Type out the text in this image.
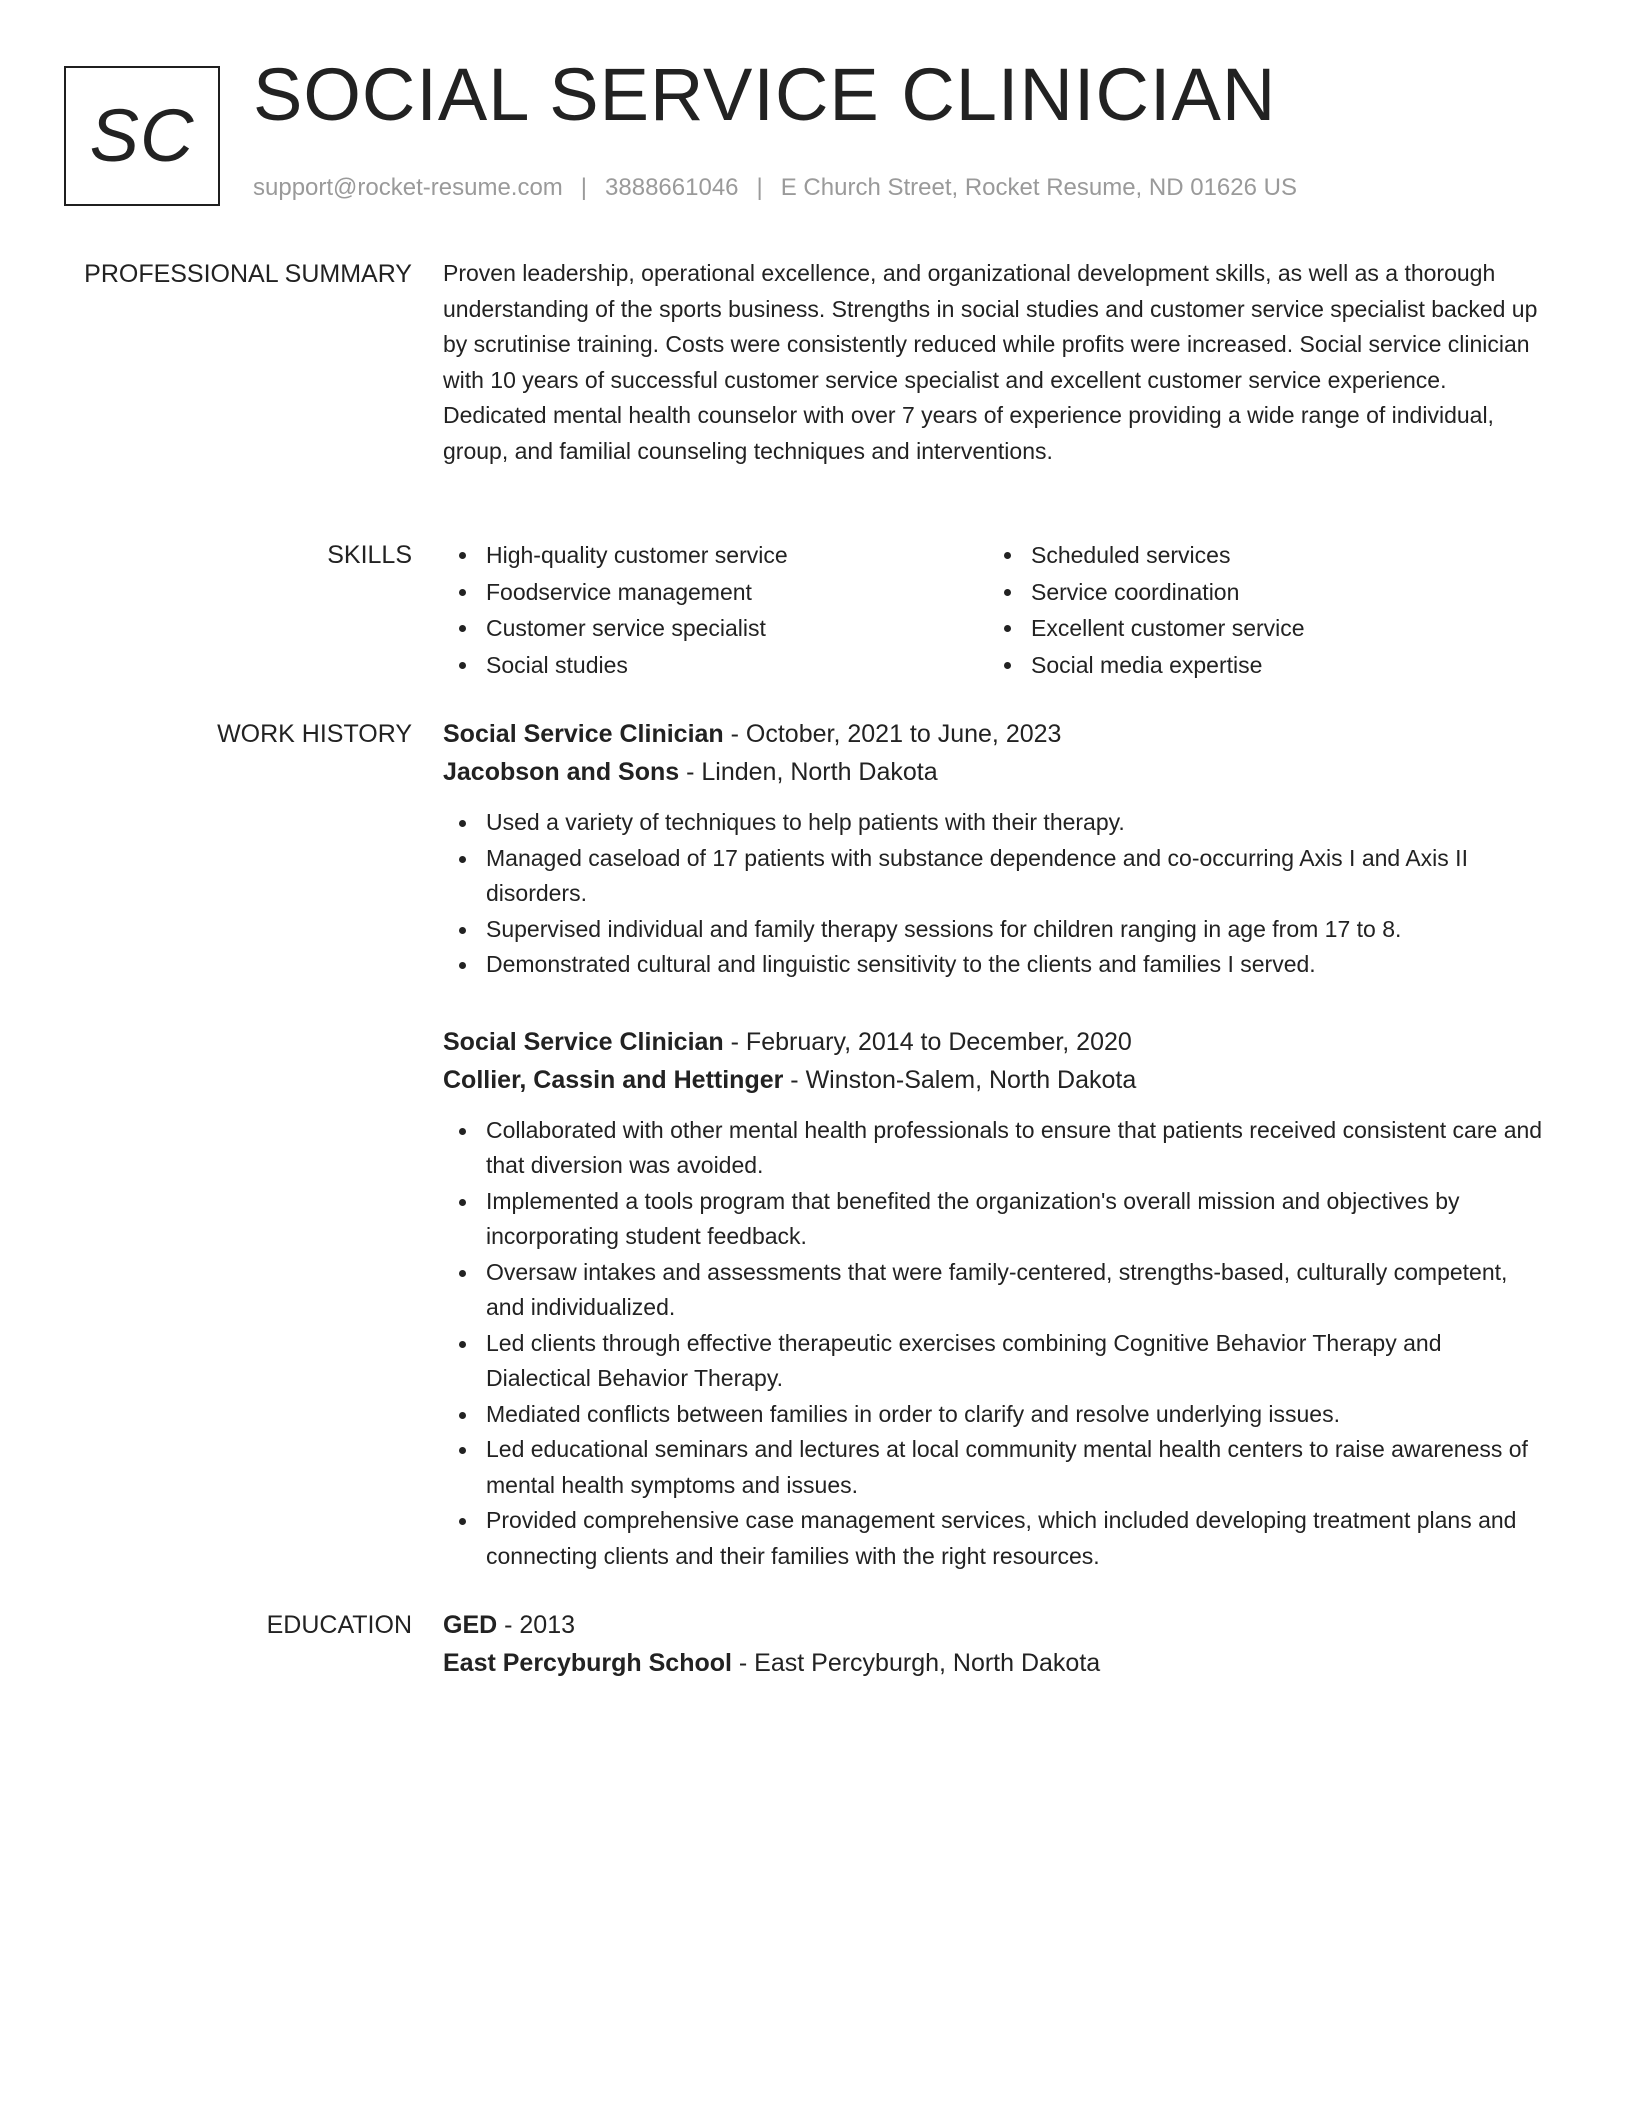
SC SOCIAL SERVICE CLINICIAN
support@rocket-resume.com | 3888661046 | E Church Street, Rocket Resume, ND 01626 US
PROFESSIONAL SUMMARY Proven leadership, operational excellence, and organizational development skills, as well as a thorough understanding of the sports business. Strengths in social studies and customer service specialist backed up by scrutinise training. Costs were consistently reduced while profits were increased. Social service clinician with 10 years of successful customer service specialist and excellent customer service experience. Dedicated mental health counselor with over 7 years of experience providing a wide range of individual, group, and familial counseling techniques and interventions.

SKILLS	High-quality customer service
Foodservice management
Customer service specialist
Social studies
Scheduled services
Service coordination
Excellent customer service
Social media expertise
WORK HISTORY Social Service Clinician - October, 2021 to June, 2023
Jacobson and Sons - Linden, North Dakota
Used a variety of techniques to help patients with their therapy.
Managed caseload of 17 patients with substance dependence and co-occurring Axis I and Axis II disorders.
Supervised individual and family therapy sessions for children ranging in age from 17 to 8.
Demonstrated cultural and linguistic sensitivity to the clients and families I served.
Social Service Clinician - February, 2014 to December, 2020
Collier, Cassin and Hettinger - Winston-Salem, North Dakota
Collaborated with other mental health professionals to ensure that patients received consistent care and that diversion was avoided.
Implemented a tools program that benefited the organization's overall mission and objectives by incorporating student feedback.
Oversaw intakes and assessments that were family-centered, strengths-based, culturally competent, and individualized.
Led clients through effective therapeutic exercises combining Cognitive Behavior Therapy and Dialectical Behavior Therapy.
Mediated conflicts between families in order to clarify and resolve underlying issues.
Led educational seminars and lectures at local community mental health centers to raise awareness of mental health symptoms and issues.
Provided comprehensive case management services, which included developing treatment plans and connecting clients and their families with the right resources.
EDUCATION GED - 2013
East Percyburgh School - East Percyburgh, North Dakota
